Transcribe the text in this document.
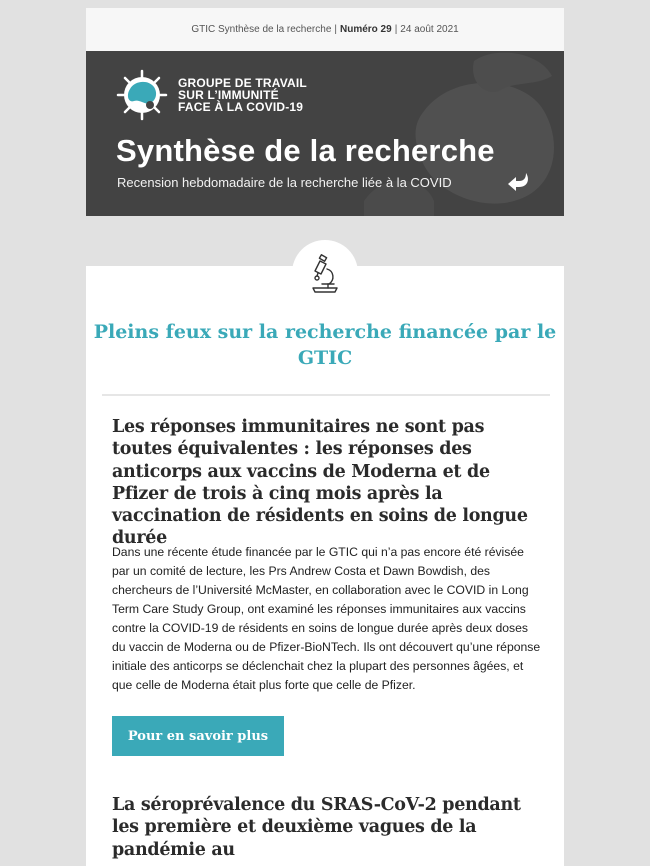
GTIC Synthèse de la recherche | Numéro 29 | 24 août 2021
GROUPE DE TRAVAIL
SUR L’IMMUNITÉ
FACE À LA COVID-19
Synthèse de la recherche
Recension hebdomadaire de la recherche liée à la COVID
Pleins feux sur la recherche financée par le GTIC
Les réponses immunitaires ne sont pas toutes équivalentes : les réponses des anticorps aux vaccins de Moderna et de Pfizer de trois à cinq mois après la vaccination de résidents en soins de longue durée
Dans une récente étude financée par le GTIC qui n’a pas encore été révisée par un comité de lecture, les Prs Andrew Costa et Dawn Bowdish, des chercheurs de l’Université McMaster, en collaboration avec le COVID in Long Term Care Study Group, ont examiné les réponses immunitaires aux vaccins contre la COVID-19 de résidents en soins de longue durée après deux doses du vaccin de Moderna ou de Pfizer-BioNTech. Ils ont découvert qu’une réponse initiale des anticorps se déclenchait chez la plupart des personnes âgées, et que celle de Moderna était plus forte que celle de Pfizer.
Pour en savoir plus
La séroprévalence du SRAS-CoV-2 pendant les première et deuxième vagues de la pandémie au
